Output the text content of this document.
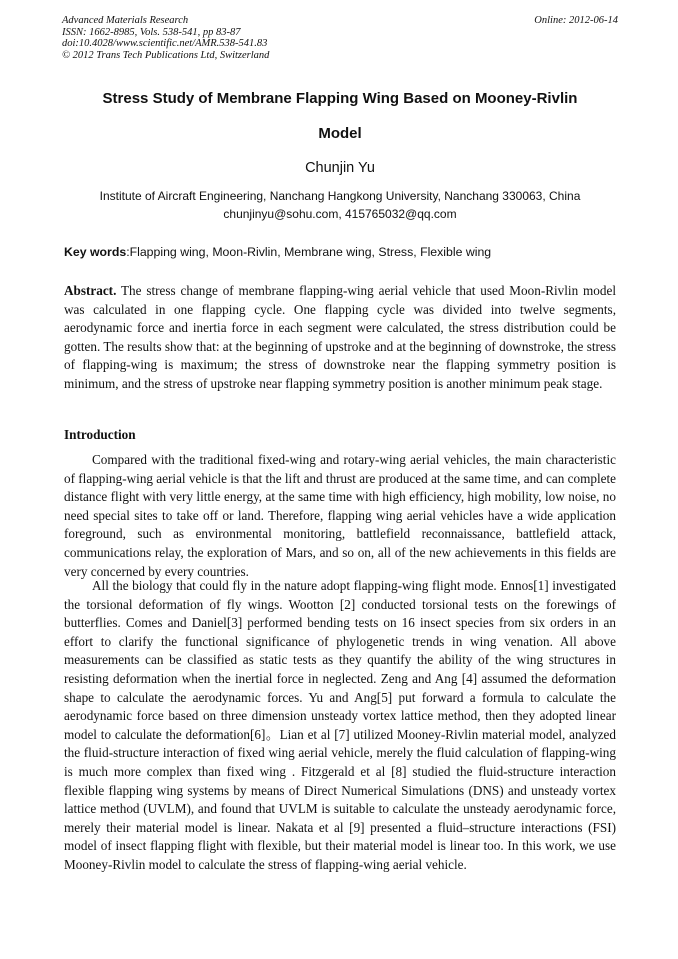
Advanced Materials Research
ISSN: 1662-8985, Vols. 538-541, pp 83-87
doi:10.4028/www.scientific.net/AMR.538-541.83
© 2012 Trans Tech Publications Ltd, Switzerland
Online: 2012-06-14
Stress Study of Membrane Flapping Wing Based on Mooney-Rivlin
Model
Chunjin Yu
Institute of Aircraft Engineering, Nanchang Hangkong University, Nanchang 330063, China
chunjinyu@sohu.com, 415765032@qq.com
Key words:Flapping wing, Moon-Rivlin, Membrane wing, Stress, Flexible wing

Abstract. The stress change of membrane flapping-wing aerial vehicle that used Moon-Rivlin model was calculated in one flapping cycle. One flapping cycle was divided into twelve segments, aerodynamic force and inertia force in each segment were calculated, the stress distribution could be gotten. The results show that: at the beginning of upstroke and at the beginning of downstroke, the stress of flapping-wing is maximum; the stress of downstroke near the flapping symmetry position is minimum, and the stress of upstroke near flapping symmetry position is another minimum peak stage.

Introduction

Compared with the traditional fixed-wing and rotary-wing aerial vehicles, the main characteristic of flapping-wing aerial vehicle is that the lift and thrust are produced at the same time, and can complete distance flight with very little energy, at the same time with high efficiency, high mobility, low noise, no need special sites to take off or land. Therefore, flapping wing aerial vehicles have a wide application foreground, such as environmental monitoring, battlefield reconnaissance, battlefield attack, communications relay, the exploration of Mars, and so on, all of the new achievements in this fields are very concerned by every countries.

All the biology that could fly in the nature adopt flapping-wing flight mode. Ennos[1] investigated the torsional deformation of fly wings. Wootton [2] conducted torsional tests on the forewings of butterflies. Comes and Daniel[3] performed bending tests on 16 insect species from six orders in an effort to clarify the functional significance of phylogenetic trends in wing venation. All above measurements can be classified as static tests as they quantify the ability of the wing structures in resisting deformation when the inertial force in neglected. Zeng and Ang [4] assumed the deformation shape to calculate the aerodynamic forces. Yu and Ang[5] put forward a formula to calculate the aerodynamic force based on three dimension unsteady vortex lattice method, then they adopted linear model to calculate the deformation[6]。Lian et al [7] utilized Mooney-Rivlin material model, analyzed the fluid-structure interaction of fixed wing aerial vehicle, merely the fluid calculation of flapping-wing is much more complex than fixed wing . Fitzgerald et al [8] studied the fluid-structure interaction flexible flapping wing systems by means of Direct Numerical Simulations (DNS) and unsteady vortex lattice method (UVLM), and found that UVLM is suitable to calculate the unsteady aerodynamic force, merely their material model is linear. Nakata et al [9] presented a fluid–structure interactions (FSI) model of insect flapping flight with flexible, but their material model is linear too. In this work, we use Mooney-Rivlin model to calculate the stress of flapping-wing aerial vehicle.
